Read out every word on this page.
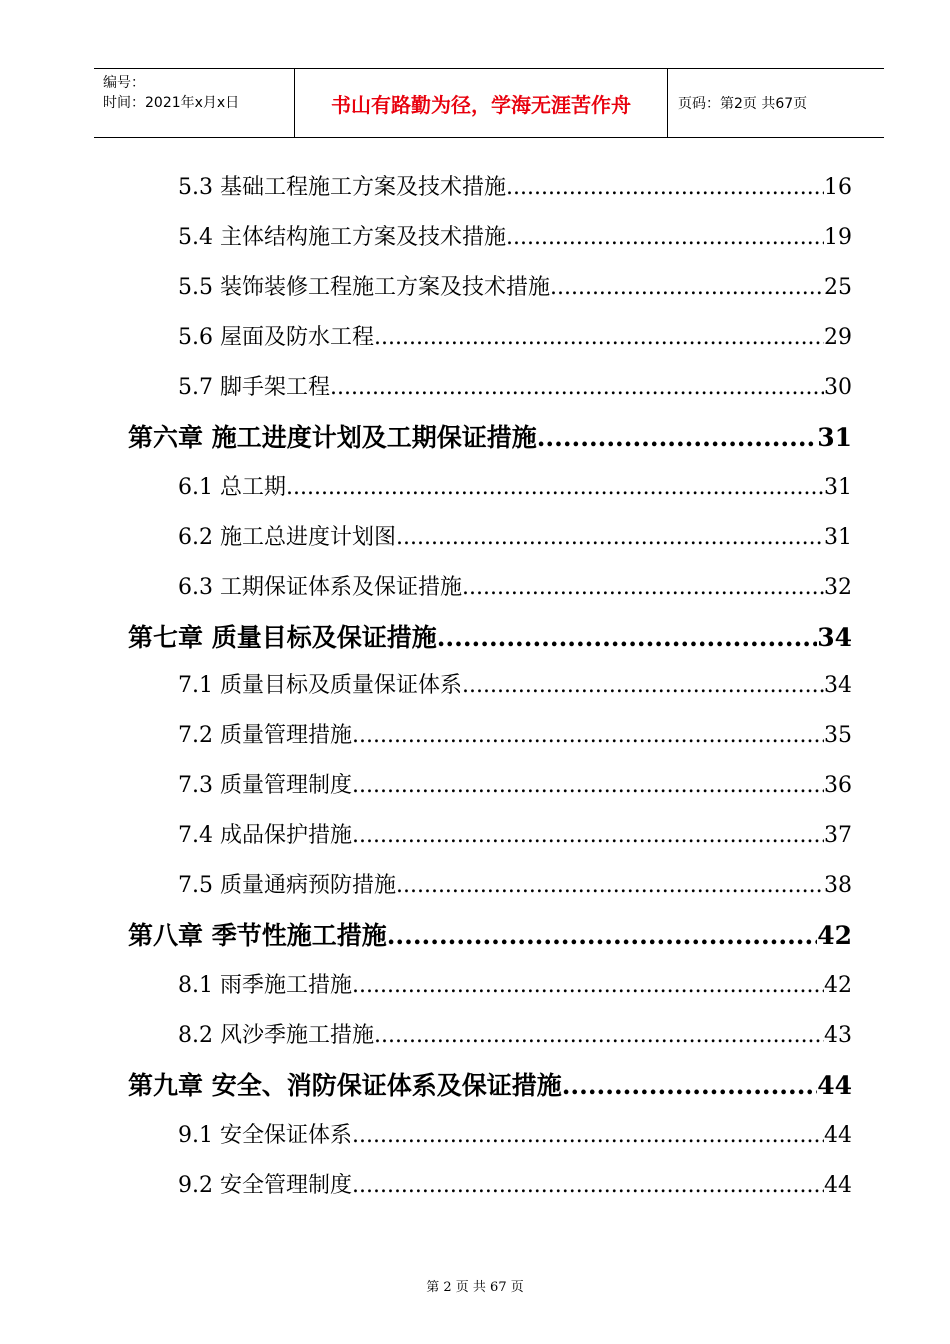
编号：
时间：2021年x月x日	书山有路勤为径，学海无涯苦作舟	页码：第2页 共67页
5.3 基础工程施工方案及技术措施 .....	16
5.4 主体结构施工方案及技术措施 .....	19
5.5 装饰装修工程施工方案及技术措施 .....	25
5.6 屋面及防水工程 .....	29
5.7 脚手架工程 .....	30
第六章 施工进度计划及工期保证措施 .....	31
6.1 总工期 .....	31
6.2 施工总进度计划图 .....	31
6.3 工期保证体系及保证措施 .....	32
第七章 质量目标及保证措施 .....	34
7.1 质量目标及质量保证体系 .....	34
7.2 质量管理措施 .....	35
7.3 质量管理制度 .....	36
7.4 成品保护措施 .....	37
7.5 质量通病预防措施 .....	38
第八章 季节性施工措施 .....	42
8.1 雨季施工措施 .....	42
8.2 风沙季施工措施 .....	43
第九章 安全、消防保证体系及保证措施 .....	44
9.1 安全保证体系 .....	44
9.2 安全管理制度 .....	44
第 2 页 共 67 页
